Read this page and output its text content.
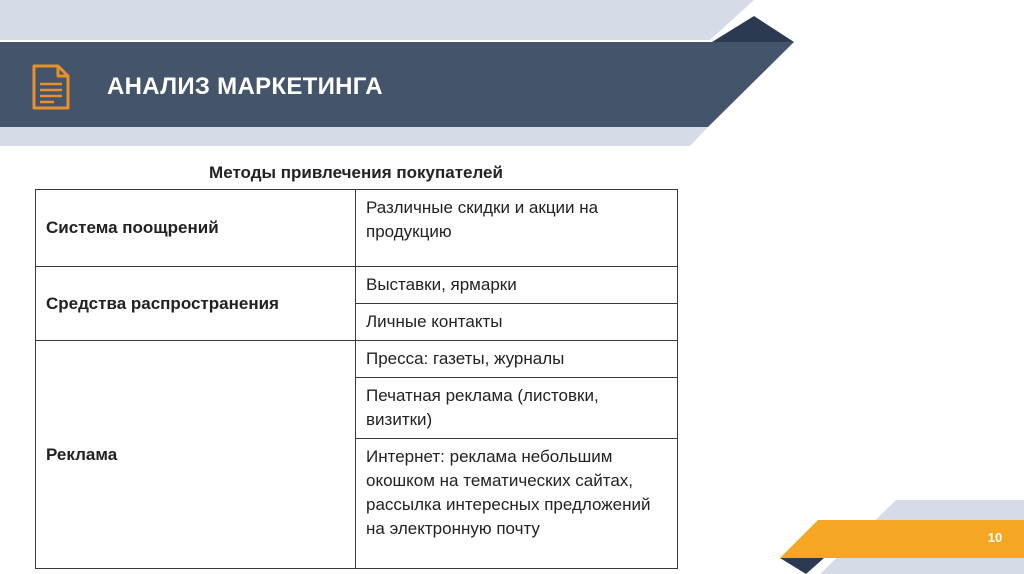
АНАЛИЗ МАРКЕТИНГА
Методы привлечения покупателей
Система поощрений	Различные скидки и акции на продукцию
Средства распространения	Выставки, ярмарки
	Личные контакты
Реклама	Пресса: газеты, журналы
	Печатная реклама (листовки, визитки)
	Интернет: реклама небольшим окошком на тематических сайтах, рассылка интересных предложений на электронную почту	10
